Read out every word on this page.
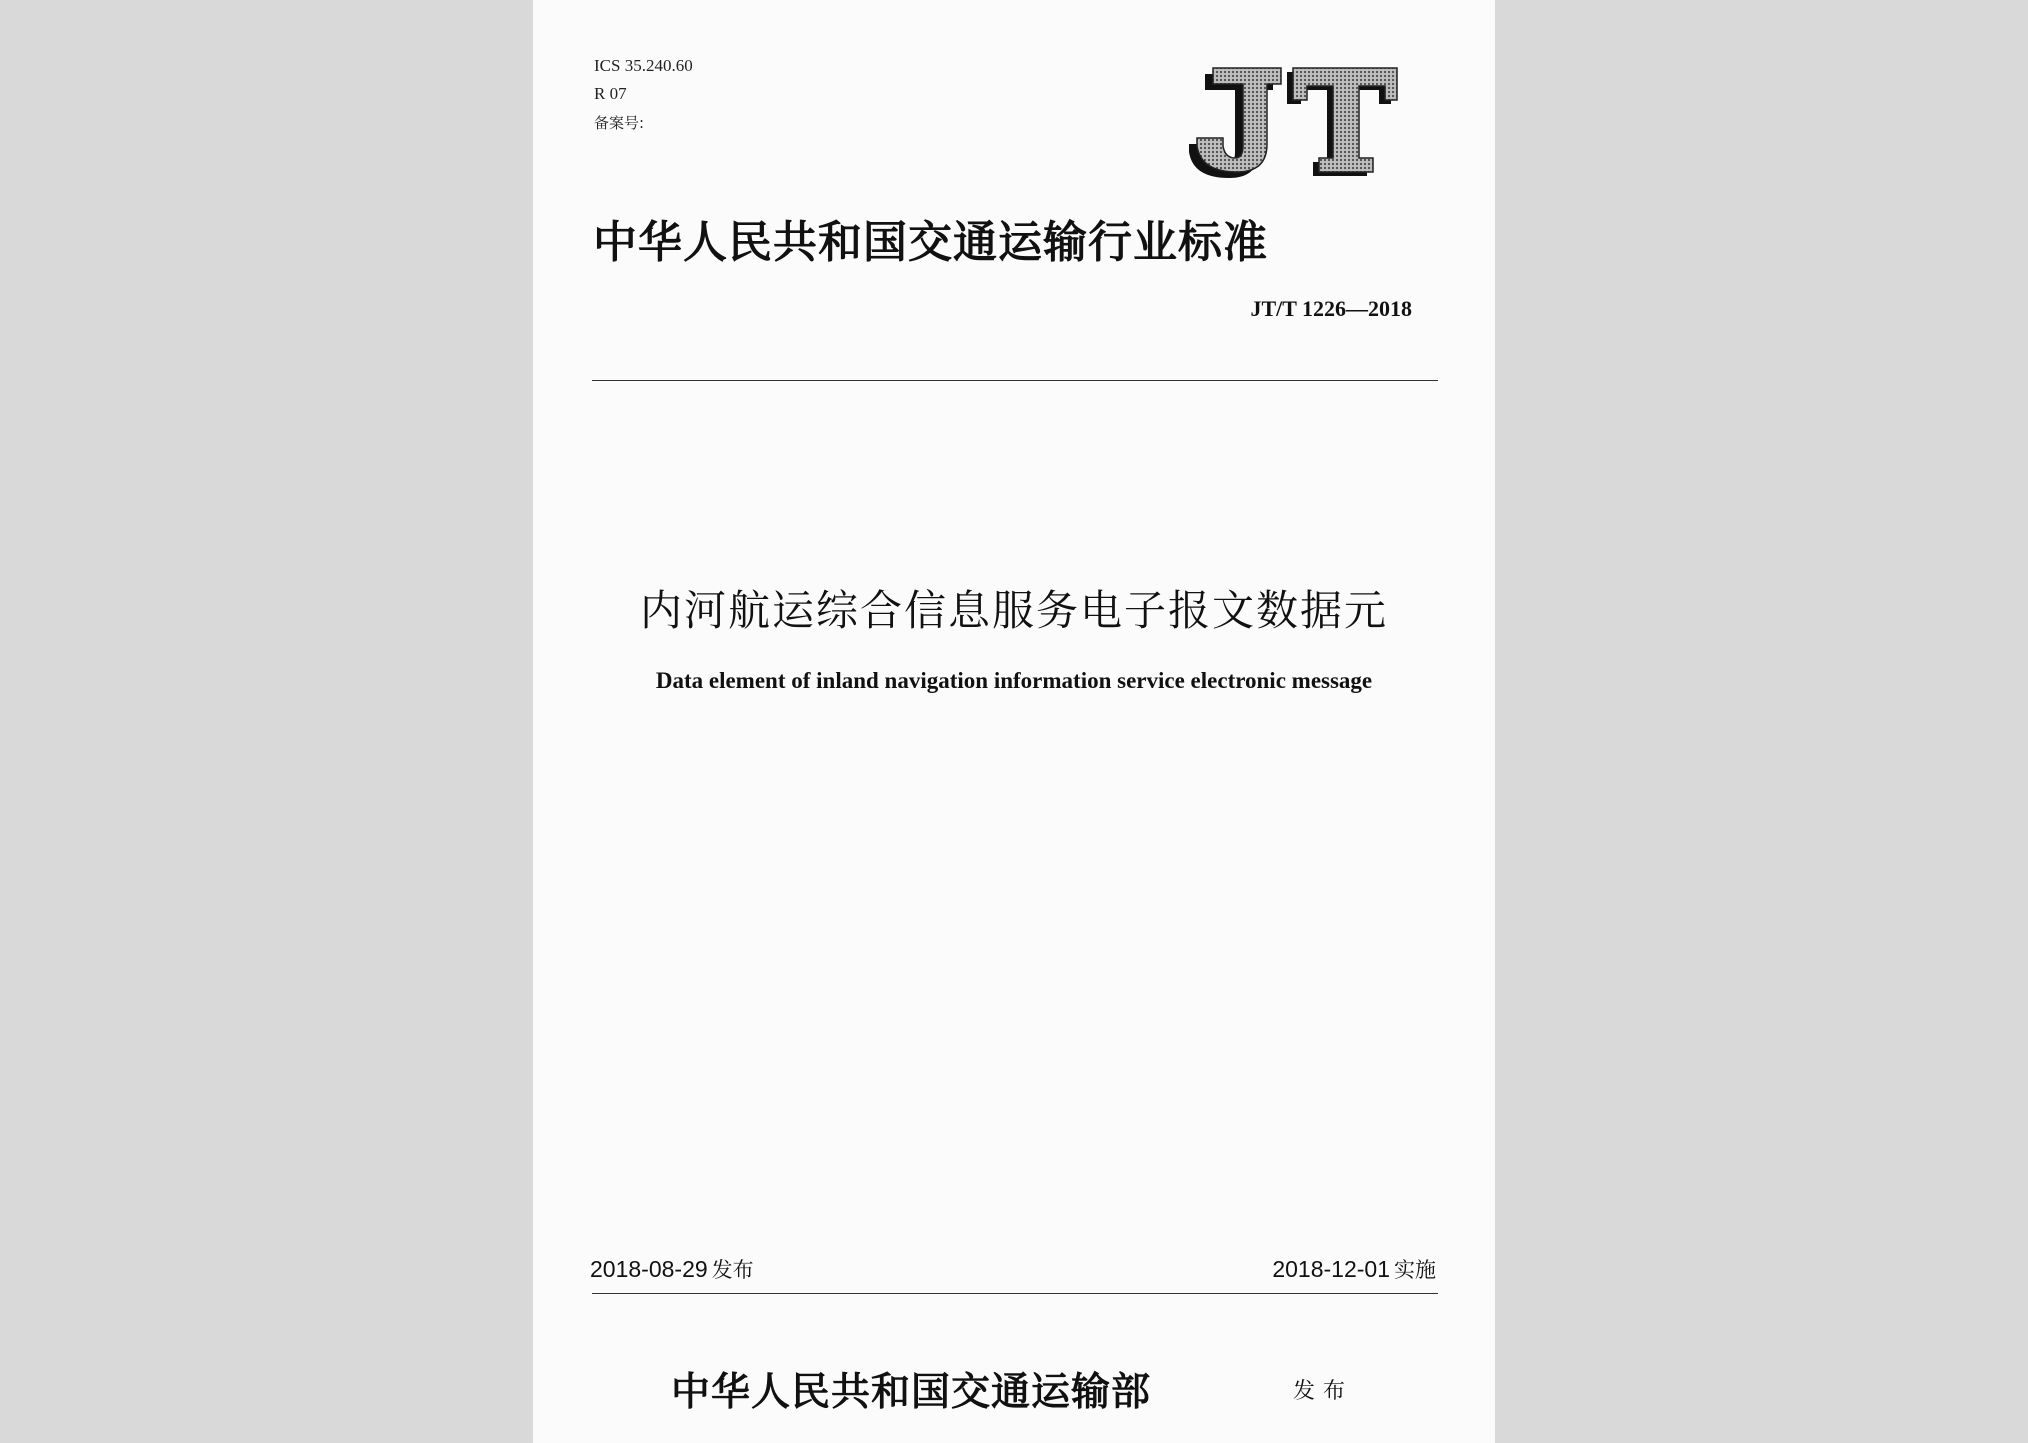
ICS 35.240.60
R 07
备案号:
中华人民共和国交通运输行业标准
JT/T 1226—2018
内河航运综合信息服务电子报文数据元
Data element of inland navigation information service electronic message
2018-08-29 发布	2018-12-01 实施
中华人民共和国交通运输部	发布
